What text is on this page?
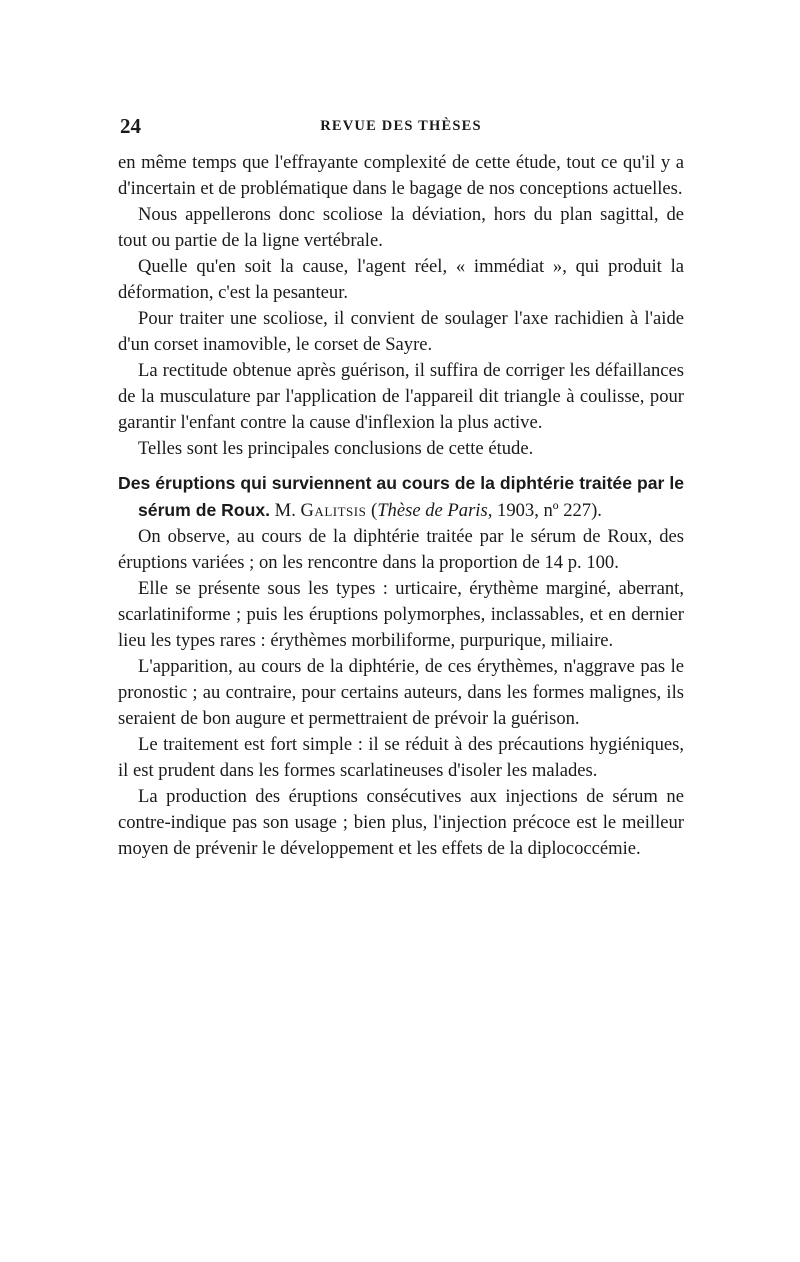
24	REVUE DES THÈSES

en même temps que l'effrayante complexité de cette étude, tout ce qu'il y a d'incertain et de problématique dans le bagage de nos conceptions actuelles.

Nous appellerons donc scoliose la déviation, hors du plan sagittal, de tout ou partie de la ligne vertébrale.

Quelle qu'en soit la cause, l'agent réel, « immédiat », qui produit la déformation, c'est la pesanteur.

Pour traiter une scoliose, il convient de soulager l'axe rachidien à l'aide d'un corset inamovible, le corset de Sayre.

La rectitude obtenue après guérison, il suffira de corriger les défaillances de la musculature par l'application de l'appareil dit triangle à coulisse, pour garantir l'enfant contre la cause d'inflexion la plus active.

Telles sont les principales conclusions de cette étude.

Des éruptions qui surviennent au cours de la diphtérie traitée par le sérum de Roux. M. Galitsis (Thèse de Paris, 1903, nº 227).

On observe, au cours de la diphtérie traitée par le sérum de Roux, des éruptions variées ; on les rencontre dans la proportion de 14 p. 100.

Elle se présente sous les types : urticaire, érythème marginé, aberrant, scarlatiniforme ; puis les éruptions polymorphes, inclassables, et en dernier lieu les types rares : érythèmes morbiliforme, purpurique, miliaire.

L'apparition, au cours de la diphtérie, de ces érythèmes, n'aggrave pas le pronostic ; au contraire, pour certains auteurs, dans les formes malignes, ils seraient de bon augure et permettraient de prévoir la guérison.

Le traitement est fort simple : il se réduit à des précautions hygiéniques, il est prudent dans les formes scarlatineuses d'isoler les malades.

La production des éruptions consécutives aux injections de sérum ne contre-indique pas son usage ; bien plus, l'injection précoce est le meilleur moyen de prévenir le développement et les effets de la diplococcémie.
